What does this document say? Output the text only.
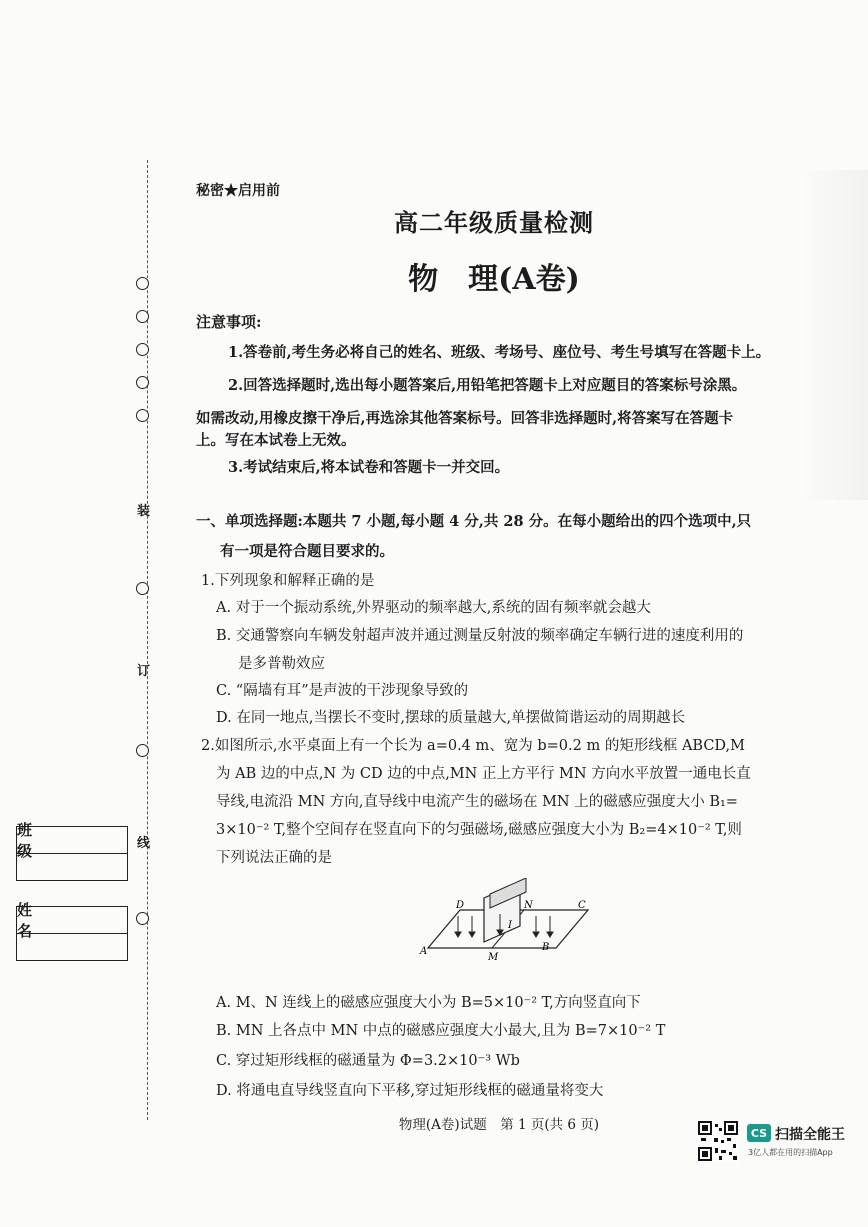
装
订
线
班　级
姓　名
秘密★启用前
高二年级质量检测
物　理(A卷)
注意事项:
1.答卷前,考生务必将自己的姓名、班级、考场号、座位号、考生号填写在答题卡上。
2.回答选择题时,选出每小题答案后,用铅笔把答题卡上对应题目的答案标号涂黑。
如需改动,用橡皮擦干净后,再选涂其他答案标号。回答非选择题时,将答案写在答题卡
上。写在本试卷上无效。
3.考试结束后,将本试卷和答题卡一并交回。
一、单项选择题:本题共 7 小题,每小题 4 分,共 28 分。在每小题给出的四个选项中,只
有一项是符合题目要求的。
1.下列现象和解释正确的是
A. 对于一个振动系统,外界驱动的频率越大,系统的固有频率就会越大
B. 交通警察向车辆发射超声波并通过测量反射波的频率确定车辆行进的速度利用的
是多普勒效应
C. “隔墙有耳”是声波的干涉现象导致的
D. 在同一地点,当摆长不变时,摆球的质量越大,单摆做简谐运动的周期越长
2.如图所示,水平桌面上有一个长为 a=0.4 m、宽为 b=0.2 m 的矩形线框 ABCD,M
为 AB 边的中点,N 为 CD 边的中点,MN 正上方平行 MN 方向水平放置一通电长直
导线,电流沿 MN 方向,直导线中电流产生的磁场在 MN 上的磁感应强度大小 B₁=
3×10⁻² T,整个空间存在竖直向下的匀强磁场,磁感应强度大小为 B₂=4×10⁻² T,则
下列说法正确的是
A
D	C
B
M
N
I
A. M、N 连线上的磁感应强度大小为 B=5×10⁻² T,方向竖直向下
B. MN 上各点中 MN 中点的磁感应强度大小最大,且为 B=7×10⁻² T
C. 穿过矩形线框的磁通量为 Φ=3.2×10⁻³ Wb
D. 将通电直导线竖直向下平移,穿过矩形线框的磁通量将变大
物理(A卷)试题　第 1 页(共 6 页)	CS 扫描全能王
3亿人都在用的扫描App
